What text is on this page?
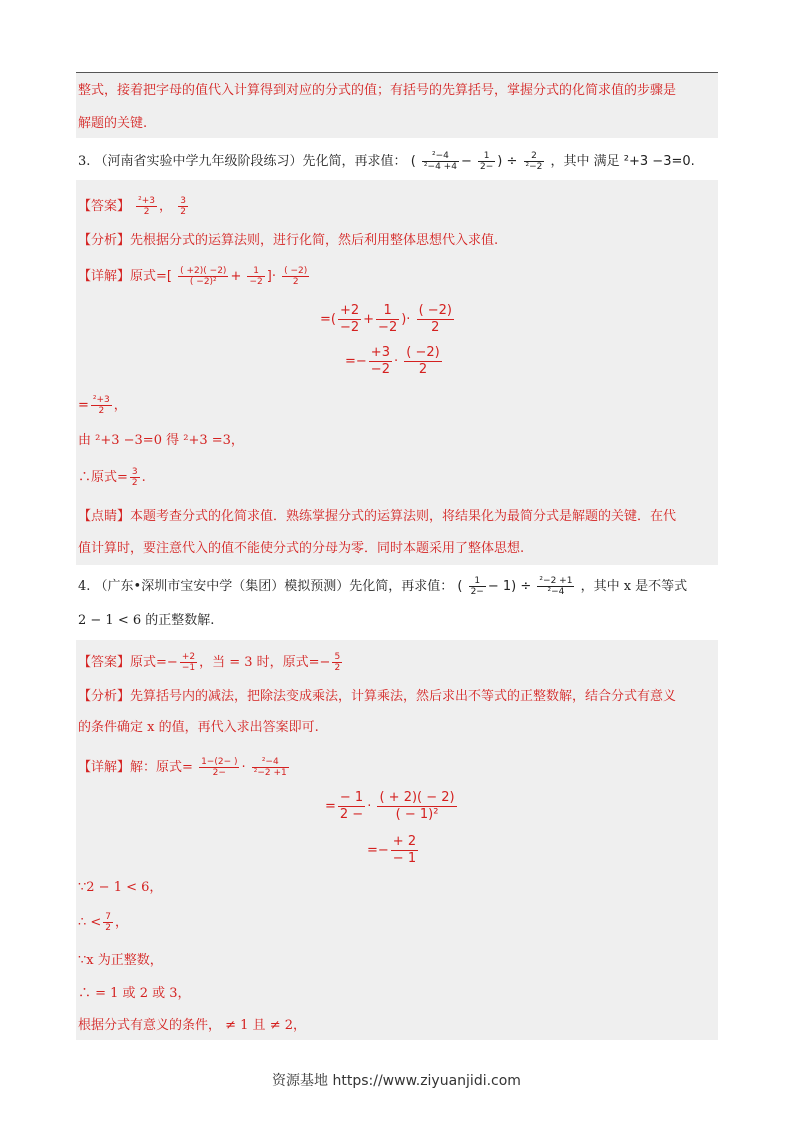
整式，接着把字母的值代入计算得到对应的分式的值；有括号的先算括号，掌握分式的化简求值的步骤是
解题的关键.
3. （河南省实验中学九年级阶段练习）先化简，再求值： ( $\frac{\text{²−4}}{\text{²−4 +4}} - \frac{1}{2-}$ ) ÷ $\frac{2}{\text{²−2}}$ ，其中 满足 ²+3 −3=0.
【答案】 $\frac{\text{²+3}}{2}$ ， $\frac{3}{2}$
【分析】先根据分式的运算法则，进行化简，然后利用整体思想代入求值.
【详解】原式=[ $\frac{( +2)( -2)}{\text{( −2)²}} + \frac{1}{-2}$ ]· $\frac{( -2)}{2}$
=( $\frac{+2}{-2} + \frac{1}{-2}$ )· $\frac{( -2)}{2}$
=− $\frac{+3}{-2} \cdot \frac{( -2)}{2}$
= $\frac{\text{²+3}}{2}$ ，
由 ²+3 −3=0 得 ²+3 =3，
∴原式= $\frac{3}{2}$ .
【点睛】本题考查分式的化简求值．熟练掌握分式的运算法则，将结果化为最简分式是解题的关键．在代
值计算时，要注意代入的值不能使分式的分母为零．同时本题采用了整体思想.
4. （广东•深圳市宝安中学（集团）模拟预测）先化简，再求值： ( $\frac{1}{2-} - 1) \div \frac{\text{²−2 +1}}{\text{²−4}}$ ，其中 x 是不等式
2 − 1 < 6 的正整数解.
【答案】原式=− $\frac{+2}{-1}$ ，当 = 3 时，原式=− $\frac{5}{2}$
【分析】先算括号内的减法，把除法变成乘法，计算乘法，然后求出不等式的正整数解，结合分式有意义
的条件确定 x 的值，再代入求出答案即可.
【详解】解：原式= $\frac{1-(2- )}{2-} \cdot \frac{\text{²−4}}{\text{²−2 +1}}$
= $\frac{- 1}{2 -} \cdot \frac{( + 2)( - 2)}{\text{( − 1)²}}$
=− $\frac{+ 2}{- 1}$
∵2 − 1 < 6，
∴ < $\frac{7}{2}$ ，
∵x 为正整数，
∴ = 1 或 2 或 3，
根据分式有意义的条件， ≠ 1 且 ≠ 2，
资源基地 https://www.ziyuanjidi.com
